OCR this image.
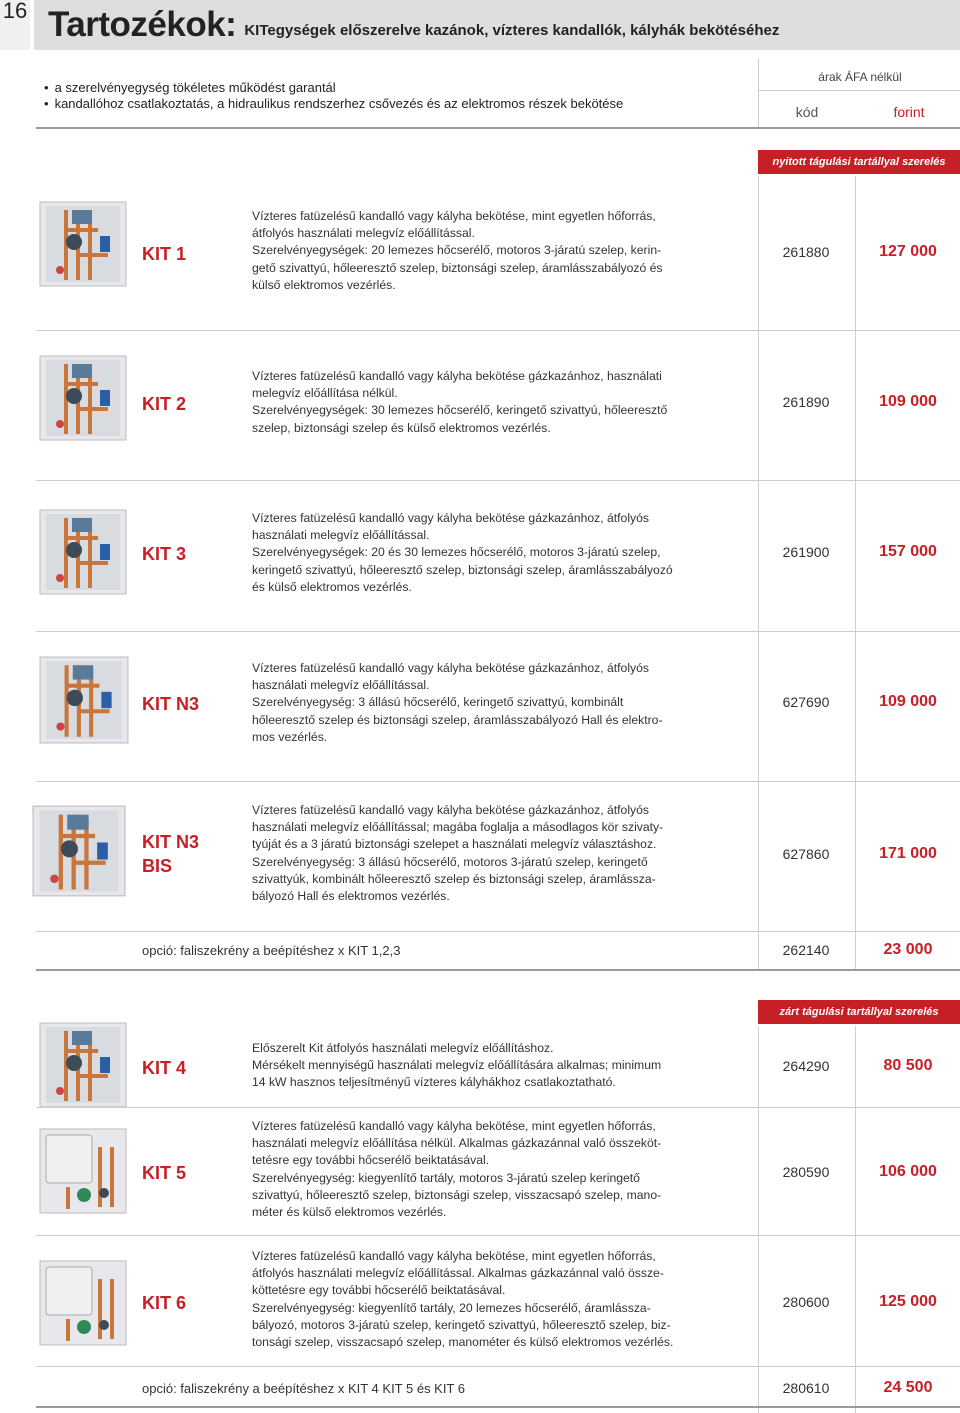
16 Tartozékok: KITegységek előszerelve kazánok, vízteres kandallók, kályhák bekötéséhez
• a szerelvényegység tökéletes működést garantál
• kandallóhoz csatlakoztatás, a hidraulikus rendszerhez csővezés és az elektromos részek bekötése
árak ÁFA nélkül
kód	forint
nyitott tágulási tartállyal szerelés
KIT 1
Vízteres fatüzelésű kandalló vagy kályha bekötése, mint egyetlen hőforrás,
átfolyós használati melegvíz előállítással.
Szerelvényegységek: 20 lemezes hőcserélő, motoros 3-járatú szelep, kerin-
gető szivattyú, hőleeresztő szelep, biztonsági szelep, áramlásszabályozó és
külső elektromos vezérlés.
261880	127 000
KIT 2
Vízteres fatüzelésű kandalló vagy kályha bekötése gázkazánhoz, használati
melegvíz előállítása nélkül.
Szerelvényegységek: 30 lemezes hőcserélő, keringető szivattyú, hőleeresztő
szelep, biztonsági szelep és külső elektromos vezérlés.
261890	109 000
KIT 3
Vízteres fatüzelésű kandalló vagy kályha bekötése gázkazánhoz, átfolyós
használati melegvíz előállítással.
Szerelvényegységek: 20 és 30 lemezes hőcserélő, motoros 3-járatú szelep,
keringető szivattyú, hőleeresztő szelep, biztonsági szelep, áramlásszabályozó
és külső elektromos vezérlés.
261900	157 000
KIT N3
Vízteres fatüzelésű kandalló vagy kályha bekötése gázkazánhoz, átfolyós
használati melegvíz előállítással.
Szerelvényegység: 3 állású hőcserélő, keringető szivattyú, kombinált
hőleeresztő szelep és biztonsági szelep, áramlásszabályozó Hall és elektro-
mos vezérlés.
627690	109 000
KIT N3
BIS
Vízteres fatüzelésű kandalló vagy kályha bekötése gázkazánhoz, átfolyós
használati melegvíz előállítással; magába foglalja a másodlagos kör szivaty-
tyúját és a 3 járatú biztonsági szelepet a használati melegvíz választáshoz.
Szerelvényegység: 3 állású hőcserélő, motoros 3-járatú szelep, keringető
szivattyúk, kombinált hőleeresztő szelep és biztonsági szelep, áramlássza-
bályozó Hall és elektromos vezérlés.
627860	171 000
opció: faliszekrény a beépítéshez x KIT 1,2,3	262140	23 000
zárt tágulási tartállyal szerelés
KIT 4
Előszerelt Kit átfolyós használati melegvíz előállításhoz.
Mérsékelt mennyiségű használati melegvíz előállítására alkalmas; minimum
14 kW hasznos teljesítményű vízteres kályhákhoz csatlakoztatható.
264290	80 500
KIT 5
Vízteres fatüzelésű kandalló vagy kályha bekötése, mint egyetlen hőforrás,
használati melegvíz előállítása nélkül. Alkalmas gázkazánnal való összeköt-
tetésre egy további hőcserélő beiktatásával.
Szerelvényegység: kiegyenlítő tartály, motoros 3-járatú szelep keringető
szivattyú, hőleeresztő szelep, biztonsági szelep, visszacsapó szelep, mano-
méter és külső elektromos vezérlés.
280590	106 000
KIT 6
Vízteres fatüzelésű kandalló vagy kályha bekötése, mint egyetlen hőforrás,
átfolyós használati melegvíz előállítással. Alkalmas gázkazánnal való össze-
köttetésre egy további hőcserélő beiktatásával.
Szerelvényegység: kiegyenlítő tartály, 20 lemezes hőcserélő, áramlássza-
bályozó, motoros 3-járatú szelep, keringető szivattyú, hőleeresztő szelep, biz-
tonsági szelep, visszacsapó szelep, manométer és külső elektromos vezérlés.
280600	125 000
opció: faliszekrény a beépítéshez x KIT 4 KIT 5 és KIT 6	280610	24 500
